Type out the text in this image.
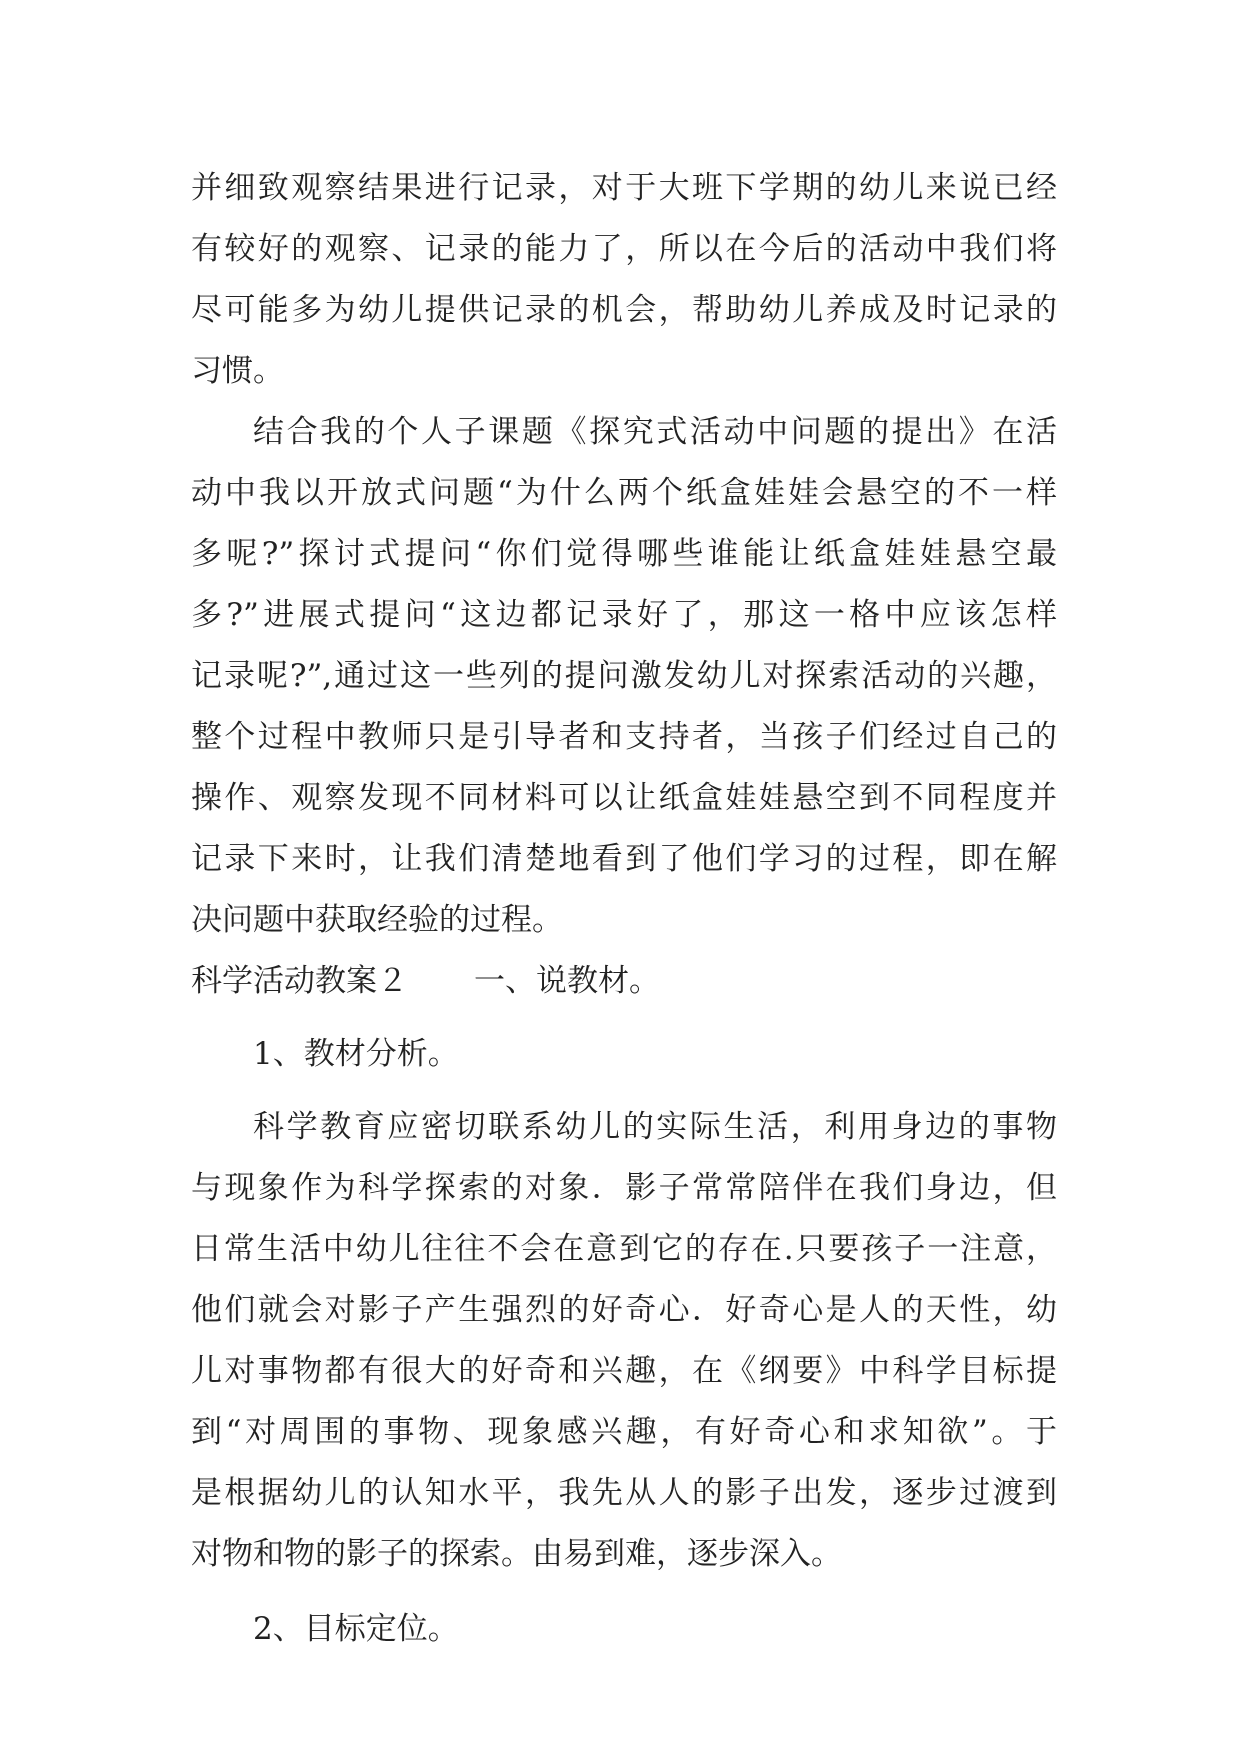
并细致观察结果进行记录，对于大班下学期的幼儿来说已经
有较好的观察、记录的能力了，所以在今后的活动中我们将
尽可能多为幼儿提供记录的机会，帮助幼儿养成及时记录的
习惯。
结合我的个人子课题《探究式活动中问题的提出》在活
动中我以开放式问题“为什么两个纸盒娃娃会悬空的不一样
多呢?”探讨式提问“你们觉得哪些谁能让纸盒娃娃悬空最
多?”进展式提问“这边都记录好了，那这一格中应该怎样
记录呢?”,通过这一些列的提问激发幼儿对探索活动的兴趣，
整个过程中教师只是引导者和支持者，当孩子们经过自己的
操作、观察发现不同材料可以让纸盒娃娃悬空到不同程度并
记录下来时，让我们清楚地看到了他们学习的过程，即在解
决问题中获取经验的过程。
科学活动教案２ 一、说教材。
1、教材分析。
科学教育应密切联系幼儿的实际生活，利用身边的事物
与现象作为科学探索的对象．影子常常陪伴在我们身边，但
日常生活中幼儿往往不会在意到它的存在.只要孩子一注意，
他们就会对影子产生强烈的好奇心．好奇心是人的天性，幼
儿对事物都有很大的好奇和兴趣，在《纲要》中科学目标提
到“对周围的事物、现象感兴趣，有好奇心和求知欲”。于
是根据幼儿的认知水平，我先从人的影子出发，逐步过渡到
对物和物的影子的探索。由易到难，逐步深入。
2、目标定位。
